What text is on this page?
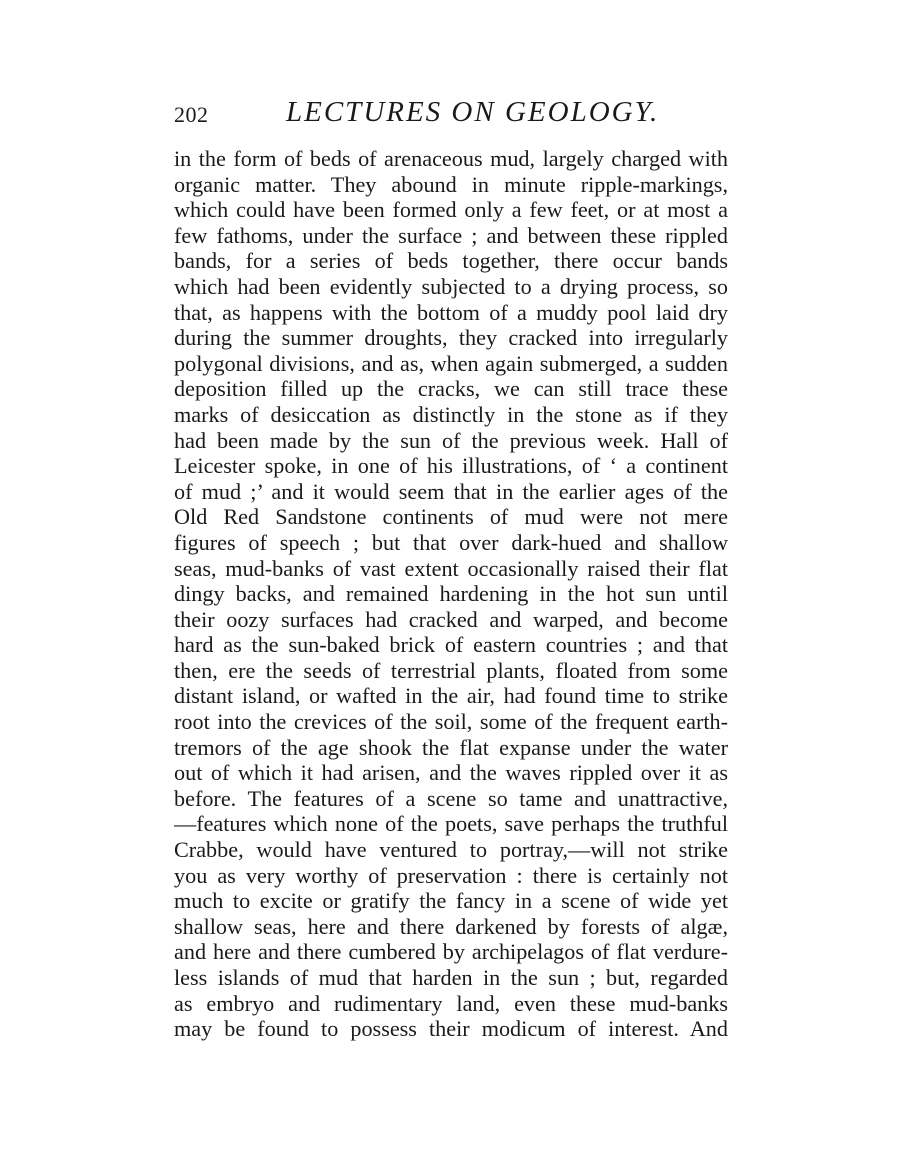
202	LECTURES ON GEOLOGY.
in the form of beds of arenaceous mud, largely charged with
organic matter. They abound in minute ripple-markings,
which could have been formed only a few feet, or at most a
few fathoms, under the surface ; and between these rippled
bands, for a series of beds together, there occur bands
which had been evidently subjected to a drying process, so
that, as happens with the bottom of a muddy pool laid dry
during the summer droughts, they cracked into irregularly
polygonal divisions, and as, when again submerged, a sudden
deposition filled up the cracks, we can still trace these
marks of desiccation as distinctly in the stone as if they
had been made by the sun of the previous week. Hall of
Leicester spoke, in one of his illustrations, of ‘ a continent
of mud ;’ and it would seem that in the earlier ages of the
Old Red Sandstone continents of mud were not mere
figures of speech ; but that over dark-hued and shallow
seas, mud-banks of vast extent occasionally raised their flat
dingy backs, and remained hardening in the hot sun until
their oozy surfaces had cracked and warped, and become
hard as the sun-baked brick of eastern countries ; and that
then, ere the seeds of terrestrial plants, floated from some
distant island, or wafted in the air, had found time to strike
root into the crevices of the soil, some of the frequent earth-
tremors of the age shook the flat expanse under the water
out of which it had arisen, and the waves rippled over it as
before. The features of a scene so tame and unattractive,
—features which none of the poets, save perhaps the truthful
Crabbe, would have ventured to portray,—will not strike
you as very worthy of preservation : there is certainly not
much to excite or gratify the fancy in a scene of wide yet
shallow seas, here and there darkened by forests of algæ,
and here and there cumbered by archipelagos of flat verdure-
less islands of mud that harden in the sun ; but, regarded
as embryo and rudimentary land, even these mud-banks
may be found to possess their modicum of interest. And
